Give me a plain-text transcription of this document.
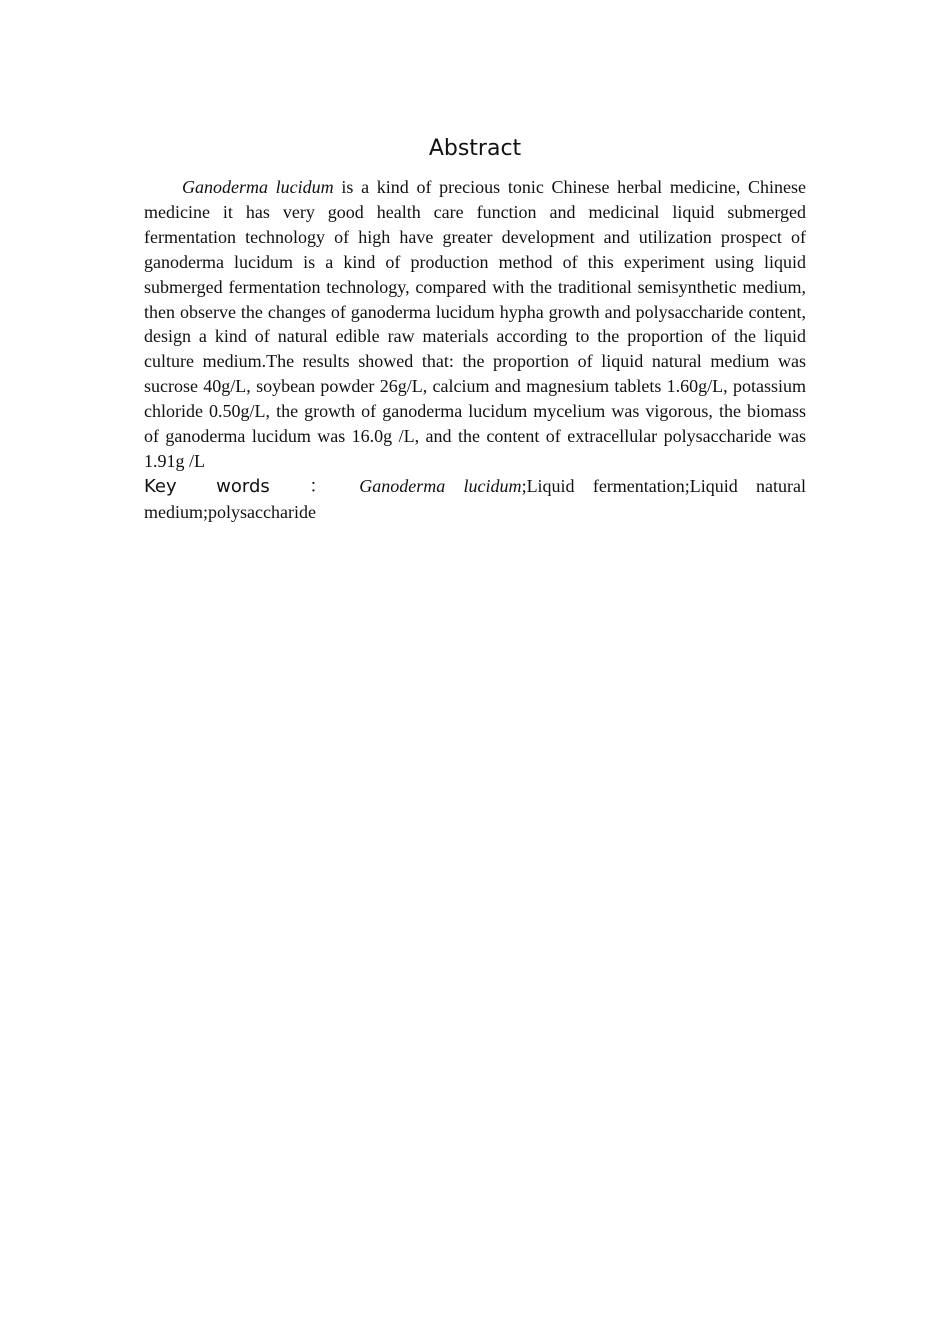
Abstract

Ganoderma lucidum is a kind of precious tonic Chinese herbal medicine, Chinese medicine it has very good health care function and medicinal liquid submerged fermentation technology of high have greater development and utilization prospect of ganoderma lucidum is a kind of production method of this experiment using liquid submerged fermentation technology, compared with the traditional semisynthetic medium, then observe the changes of ganoderma lucidum hypha growth and polysaccharide content, design a kind of natural edible raw materials according to the proportion of the liquid culture medium.The results showed that: the proportion of liquid natural medium was sucrose 40g/L, soybean powder 26g/L, calcium and magnesium tablets 1.60g/L, potassium chloride 0.50g/L, the growth of ganoderma lucidum mycelium was vigorous, the biomass of ganoderma lucidum was 16.0g /L, and the content of extracellular polysaccharide was 1.91g /L

Key words ： Ganoderma lucidum;Liquid fermentation;Liquid natural medium;polysaccharide
